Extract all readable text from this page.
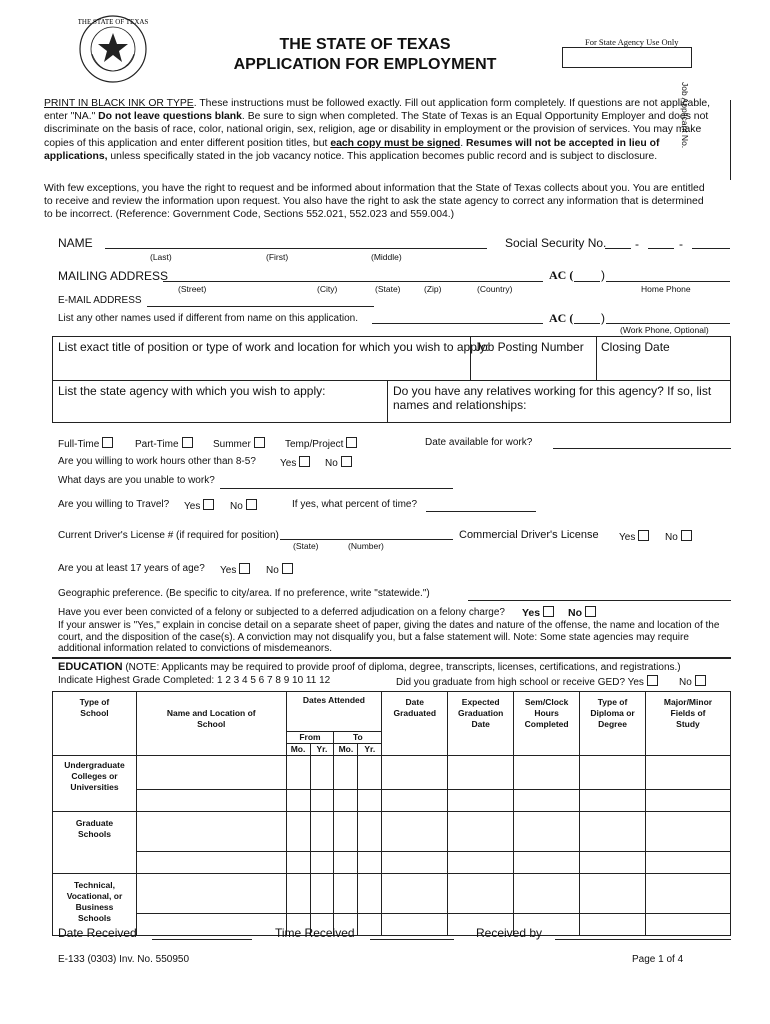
THE STATE OF TEXAS
THE STATE OF TEXAS
APPLICATION FOR EMPLOYMENT
For State Agency Use Only
Job Applicant No.
PRINT IN BLACK INK OR TYPE. These instructions must be followed exactly. Fill out application form completely. If questions are not applicable, enter "NA." Do not leave questions blank. Be sure to sign when completed. The State of Texas is an Equal Opportunity Employer and does not discriminate on the basis of race, color, national origin, sex, religion, age or disability in employment or the provision of services. You may make copies of this application and enter different position titles, but each copy must be signed. Resumes will not be accepted in lieu of applications, unless specifically stated in the job vacancy notice. This application becomes public record and is subject to disclosure.
With few exceptions, you have the right to request and be informed about information that the State of Texas collects about you. You are entitled to receive and review the information upon request. You also have the right to ask the state agency to correct any information that is determined to be incorrect. (Reference: Government Code, Sections 552.021, 552.023 and 559.004.)
NAME
(Last)	(First)	(Middle)
Social Security No. -	-
MAILING ADDRESS
(Street)	(City)	(State)	(Zip)	(Country)
AC ( )
Home Phone
E-MAIL ADDRESS
List any other names used if different from name on this application.	AC ( )
(Work Phone, Optional)
List exact title of position or type of work and location for which you wish to apply:
Job Posting Number Closing Date
List the state agency with which you wish to apply:	Do you have any relatives working for this agency? If so, list names and relationships:
Full-Time	Part-Time	Summer	Temp/Project	Date available for work?
Are you willing to work hours other than 8-5? Yes	No
What days are you unable to work?
Are you willing to Travel? Yes	No	If yes, what percent of time?
Current Driver's License # (if required for position)
(State)	(Number)
Commercial Driver's License Yes	No
Are you at least 17 years of age? Yes	No
Geographic preference. (Be specific to city/area. If no preference, write "statewide.")
Have you ever been convicted of a felony or subjected to a deferred adjudication on a felony charge? Yes	No
If your answer is "Yes," explain in concise detail on a separate sheet of paper, giving the dates and nature of the offense, the name and location of the court, and the disposition of the case(s). A conviction may not disqualify you, but a false statement will. Note: Some state agencies may require additional information related to convictions of misdemeanors.
EDUCATION (NOTE: Applicants may be required to provide proof of diploma, degree, transcripts, licenses, certifications, and registrations.)
Indicate Highest Grade Completed: 1 2 3 4 5 6 7 8 9 10 11 12	Did you graduate from high school or receive GED? Yes	No
Type of School	Name and Location of School	Dates Attended				Date Graduated	Expected Graduation Date	Sem/Clock Hours Completed	Type of Diploma or Degree	Major/Minor Fields of Study
		From		To						
		Mo.	Yr.	Mo.	Yr.					
Undergraduate Colleges or Universities										

Graduate Schools										

Technical, Vocational, or Business Schools										

Date Received	Time Received	Received by
E-133 (0303) Inv. No. 550950	Page 1 of 4
